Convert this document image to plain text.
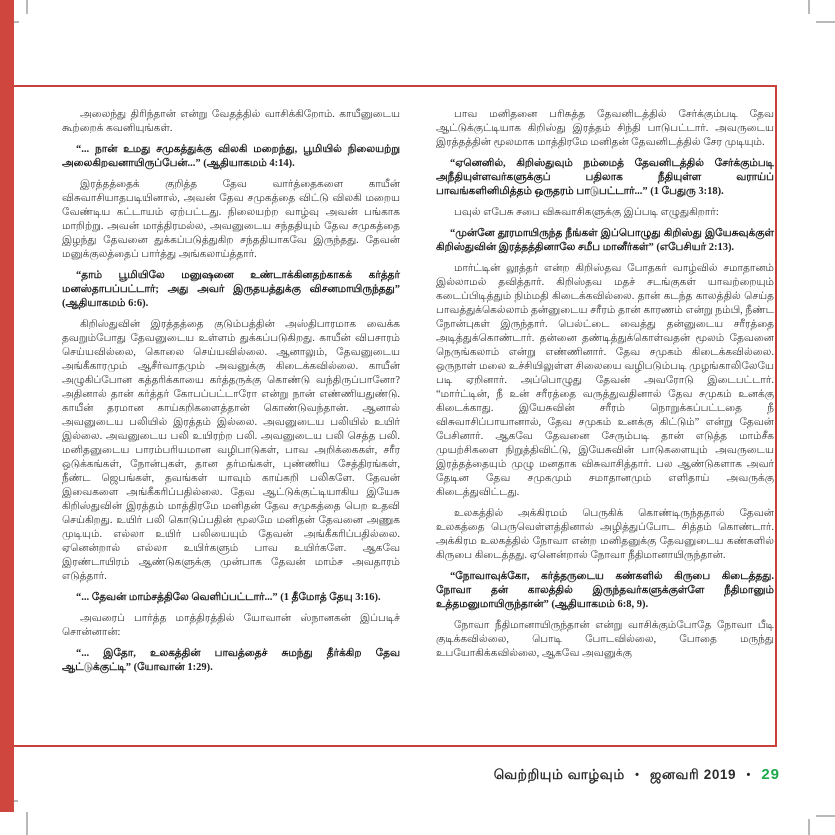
அலைந்து திரிந்தான் என்று வேதத்தில் வாசிக்கிறோம். காயீனுடைய கூற்றைக் கவனியுங்கள்.

“... நான் உமது சமுகத்துக்கு விலகி மறைந்து, பூமியில் நிலையற்று அலைகிறவனாயிருப்பேன்...” (ஆதியாகமம் 4:14).

இரத்தத்தைக் குறித்த தேவ வார்த்தைகளை காயீன் விசுவாசியாதபடியினால், அவன் தேவ சமுகத்தை விட்டு விலகி மறைய வேண்டிய கட்டாயம் ஏற்பட்டது. நிலையற்ற வாழ்வு அவன் பங்காக மாறிற்று. அவன் மாத்திரமல்ல, அவனுடைய சந்ததியும் தேவ சமுகத்தை இழந்து தேவனை துக்கப்படுத்துகிற சந்ததியாகவே இருந்தது. தேவன் மனுக்குலத்தைப் பார்த்து அங்கலாய்த்தார்.

“தாம் பூமியிலே மனுஷனை உண்டாக்கினதற்காகக் கர்த்தர் மனஸ்தாபப்பட்டார்; அது அவர் இருதயத்துக்கு விசனமாயிருந்தது” (ஆதியாகமம் 6:6).

கிறிஸ்துவின் இரத்தத்தை குடும்பத்தின் அஸ்திபாரமாக வைக்க தவறும்போது தேவனுடைய உள்ளம் துக்கப்படுகிறது. காயீன் விபசாரம் செய்யவில்லை, கொலை செய்யவில்லை. ஆனாலும், தேவனுடைய அங்கீகாரமும் ஆசீர்வாதமும் அவனுக்கு கிடைக்கவில்லை. காயீன் அழுகிப்போன கத்தரிக்காயை கர்த்தருக்கு கொண்டு வந்திருப்பானோ? அதினால் தான் கர்த்தர் கோபப்பட்டாரோ என்று நான் எண்ணியதுண்டு. காயீன் தரமான காய்கறிகளைத்தான் கொண்டுவந்தான். ஆனால் அவனுடைய பலியில் இரத்தம் இல்லை. அவனுடைய பலியில் உயிர் இல்லை. அவனுடைய பலி உயிரற்ற பலி. அவனுடைய பலி செத்த பலி. மனிதனுடைய பாரம்பரியமான வழிபாடுகள், பாவ அறிக்கைகள், சரீர ஒடுக்கங்கள், நோன்புகள், தான தர்மங்கள், புண்ணிய சேத்திரங்கள், நீண்ட ஜெபங்கள், தவங்கள் யாவும் காய்கறி பலிகளே. தேவன் இவைகளை அங்கீகரிப்பதில்லை. தேவ ஆட்டுக்குட்டியாகிய இயேசு கிறிஸ்துவின் இரத்தம் மாத்திரமே மனிதன் தேவ சமுகத்தை பெற உதவி செய்கிறது. உயிர் பலி கொடுப்பதின் மூலமே மனிதன் தேவனை அணுக முடியும். எல்லா உயிர் பலியையும் தேவன் அங்கீகரிப்பதில்லை. ஏனென்றால் எல்லா உயிர்களும் பாவ உயிர்களே. ஆகவே இரண்டாயிரம் ஆண்டுகளுக்கு முன்பாக தேவன் மாம்ச அவதாரம் எடுத்தார்.

“... தேவன் மாம்சத்திலே வெளிப்பட்டார்...” (1 தீமோத் தேயு 3:16).

அவரைப் பார்த்த மாத்திரத்தில் யோவான் ஸ்நானகன் இப்படிச் சொன்னான்:

“... இதோ, உலகத்தின் பாவத்தைச் சுமந்து தீர்க்கிற தேவ ஆட்டுக்குட்டி” (யோவான் 1:29).

பாவ மனிதனை பரிசுத்த தேவனிடத்தில் சேர்க்கும்படி தேவ ஆட்டுக்குட்டியாக கிறிஸ்து இரத்தம் சிந்தி பாடுபட்டார். அவருடைய இரத்தத்தின் மூலமாக மாத்திரமே மனிதன் தேவனிடத்தில் சேர முடியும்.

“ஏனெனில், கிறிஸ்துவும் நம்மைத் தேவனிடத்தில் சேர்க்கும்படி அநீதியுள்ளவர்களுக்குப் பதிலாக நீதியுள்ள வராய்ப் பாவங்களினிமித்தம் ஒருதரம் பாடுபட்டார்...” (1 பேதுரு 3:18).

பவுல் எபேசு சபை விசுவாசிகளுக்கு இப்படி எழுதுகிறார்:

“முன்னே தூரமாயிருந்த நீங்கள் இப்பொழுது கிறிஸ்து இயேசுவுக்குள் கிறிஸ்துவின் இரத்தத்தினாலே சமீப மானீர்கள்” (எபேசியர் 2:13).

மார்ட்டின் லூத்தர் என்ற கிறிஸ்தவ போதகர் வாழ்வில் சமாதானம் இல்லாமல் தவித்தார். கிறிஸ்தவ மதச் சடங்குகள் யாவற்றையும் கடைப்பிடித்தும் நிம்மதி கிடைக்கவில்லை. தான் கடந்த காலத்தில் செய்த பாவத்துக்கெல்லாம் தன்னுடைய சரீரம் தான் காரணம் என்று நம்பி, நீண்ட நோன்புகள் இருந்தார். பெல்ட்டை வைத்து தன்னுடைய சரீரத்தை அடித்துக்கொண்டார். தன்னை தண்டித்துக்கொள்வதன் மூலம் தேவனை நெருங்கலாம் என்று எண்ணினார். தேவ சமுகம் கிடைக்கவில்லை. ஒருநாள் மலை உச்சியிலுள்ள சிலையை வழிபடும்படி முழங்காலிலேயே படி ஏறினார். அப்பொழுது தேவன் அவரோடு இடைபட்டார். “மார்ட்டின், நீ உன் சரீரத்தை வருத்துவதினால் தேவ சமுகம் உனக்கு கிடைக்காது. இயேசுவின் சரீரம் நொறுக்கப்பட்டதை நீ விசுவாசிப்பாயானால், தேவ சமுகம் உனக்கு கிட்டும்” என்று தேவன் பேசினார். ஆகவே தேவனை சேரும்படி தான் எடுத்த மாம்சீக முயற்சிகளை நிறுத்திவிட்டு, இயேசுவின் பாடுகளையும் அவருடைய இரத்தத்தையும் முழு மனதாக விசுவாசித்தார். பல ஆண்டுகளாக அவர் தேடின தேவ சமுகமும் சமாதானமும் எளிதாய் அவருக்கு கிடைத்துவிட்டது.

உலகத்தில் அக்கிரமம் பெருகிக் கொண்டிருந்ததால் தேவன் உலகத்தை பெருவெள்ளத்தினால் அழித்துப்போட சித்தம் கொண்டார். அக்கிரம உலகத்தில் நோவா என்ற மனிதனுக்கு தேவனுடைய கண்களில் கிருபை கிடைத்தது. ஏனென்றால் நோவா நீதிமானாயிருந்தான்.

“நோவாவுக்கோ, கர்த்தருடைய கண்களில் கிருபை கிடைத்தது. நோவா தன் காலத்தில் இருந்தவர்களுக்குள்ளே நீதிமானும் உத்தமனுமாயிருந்தான்” (ஆதியாகமம் 6:8, 9).

நோவா நீதிமானாயிருந்தான் என்று வாசிக்கும்போதே நோவா பீடி குடிக்கவில்லை, பொடி போடவில்லை, போதை மருந்து உபயோகிக்கவில்லை, ஆகவே அவனுக்கு

வெற்றியும் வாழ்வும் • ஜனவரி 2019 • 29
